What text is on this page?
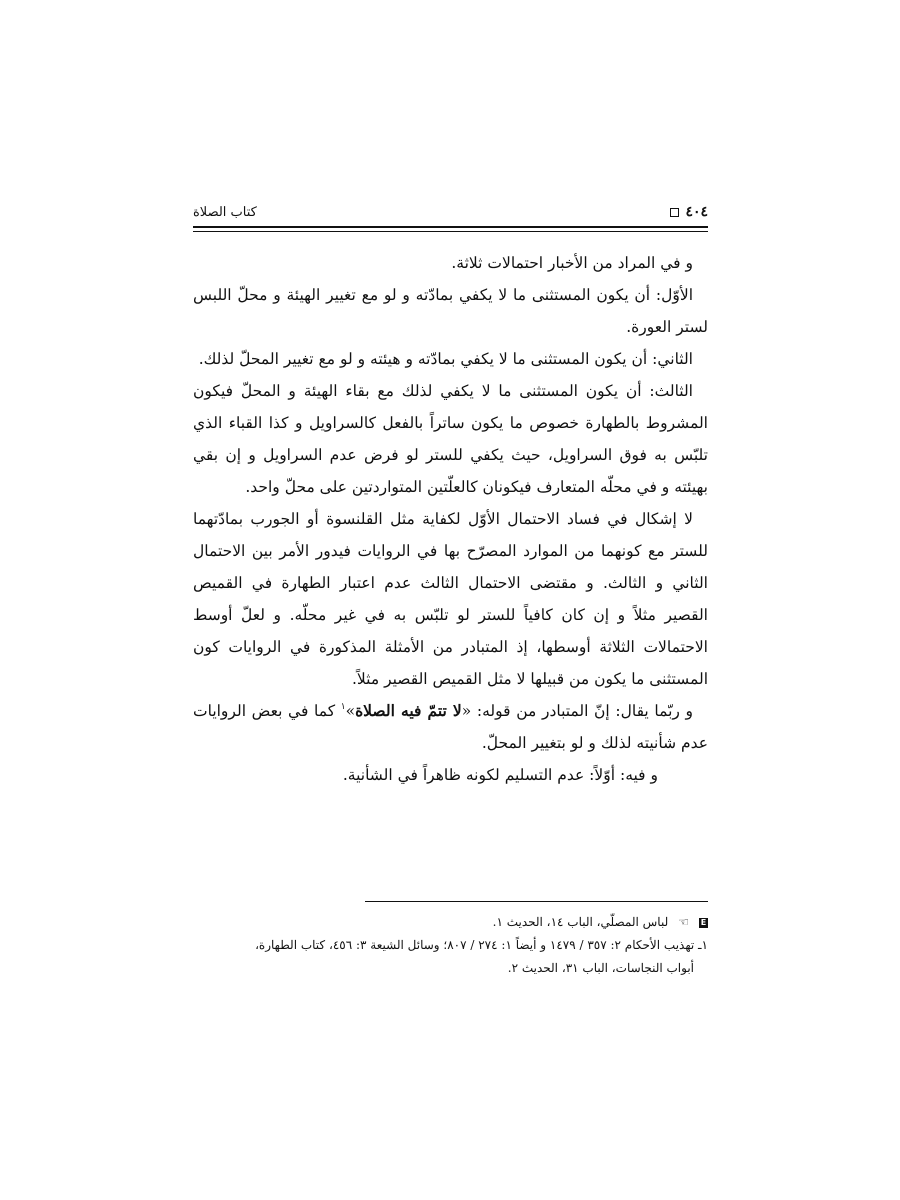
٤٠٤
كتاب الصلاة

و في المراد من الأخبار احتمالات ثلاثة.

الأوّل: أن يكون المستثنى ما لا يكفي بمادّته و لو مع تغيير الهيئة و محلّ اللبس لستر العورة.

الثاني: أن يكون المستثنى ما لا يكفي بمادّته و هيئته و لو مع تغيير المحلّ لذلك.

الثالث: أن يكون المستثنى ما لا يكفي لذلك مع بقاء الهيئة و المحلّ فيكون المشروط بالطهارة خصوص ما يكون ساتراً بالفعل كالسراويل و كذا القباء الذي تلبّس به فوق السراويل، حيث يكفي للستر لو فرض عدم السراويل و إن بقي بهيئته و في محلّه المتعارف فيكونان كالعلّتين المتواردتين على محلّ واحد.

لا إشكال في فساد الاحتمال الأوّل لكفاية مثل القلنسوة أو الجورب بمادّتهما للستر مع كونهما من الموارد المصرّح بها في الروايات فيدور الأمر بين الاحتمال الثاني و الثالث. و مقتضى الاحتمال الثالث عدم اعتبار الطهارة في القميص القصير مثلاً و إن كان كافياً للستر لو تلبّس به في غير محلّه. و لعلّ أوسط الاحتمالات الثلاثة أوسطها، إذ المتبادر من الأمثلة المذكورة في الروايات كون المستثنى ما يكون من قبيلها لا مثل القميص القصير مثلاً.

و ربّما يقال: إنّ المتبادر من قوله: «لا تتمّ فيه الصلاة»$^١$ كما في بعض الروايات عدم شأنيته لذلك و لو بتغيير المحلّ.

و فيه: أوّلاً: عدم التسليم لكونه ظاهراً في الشأنية.

E
☜
لباس المصلّي، الباب ١٤، الحديث ١.
١ـ تهذيب الأحكام ٢: ٣٥٧ / ١٤٧٩ و أيضاً ١: ٢٧٤ / ٨٠٧؛ وسائل الشيعة ٣: ٤٥٦، كتاب الطهارة،
أبواب النجاسات، الباب ٣١، الحديث ٢.
